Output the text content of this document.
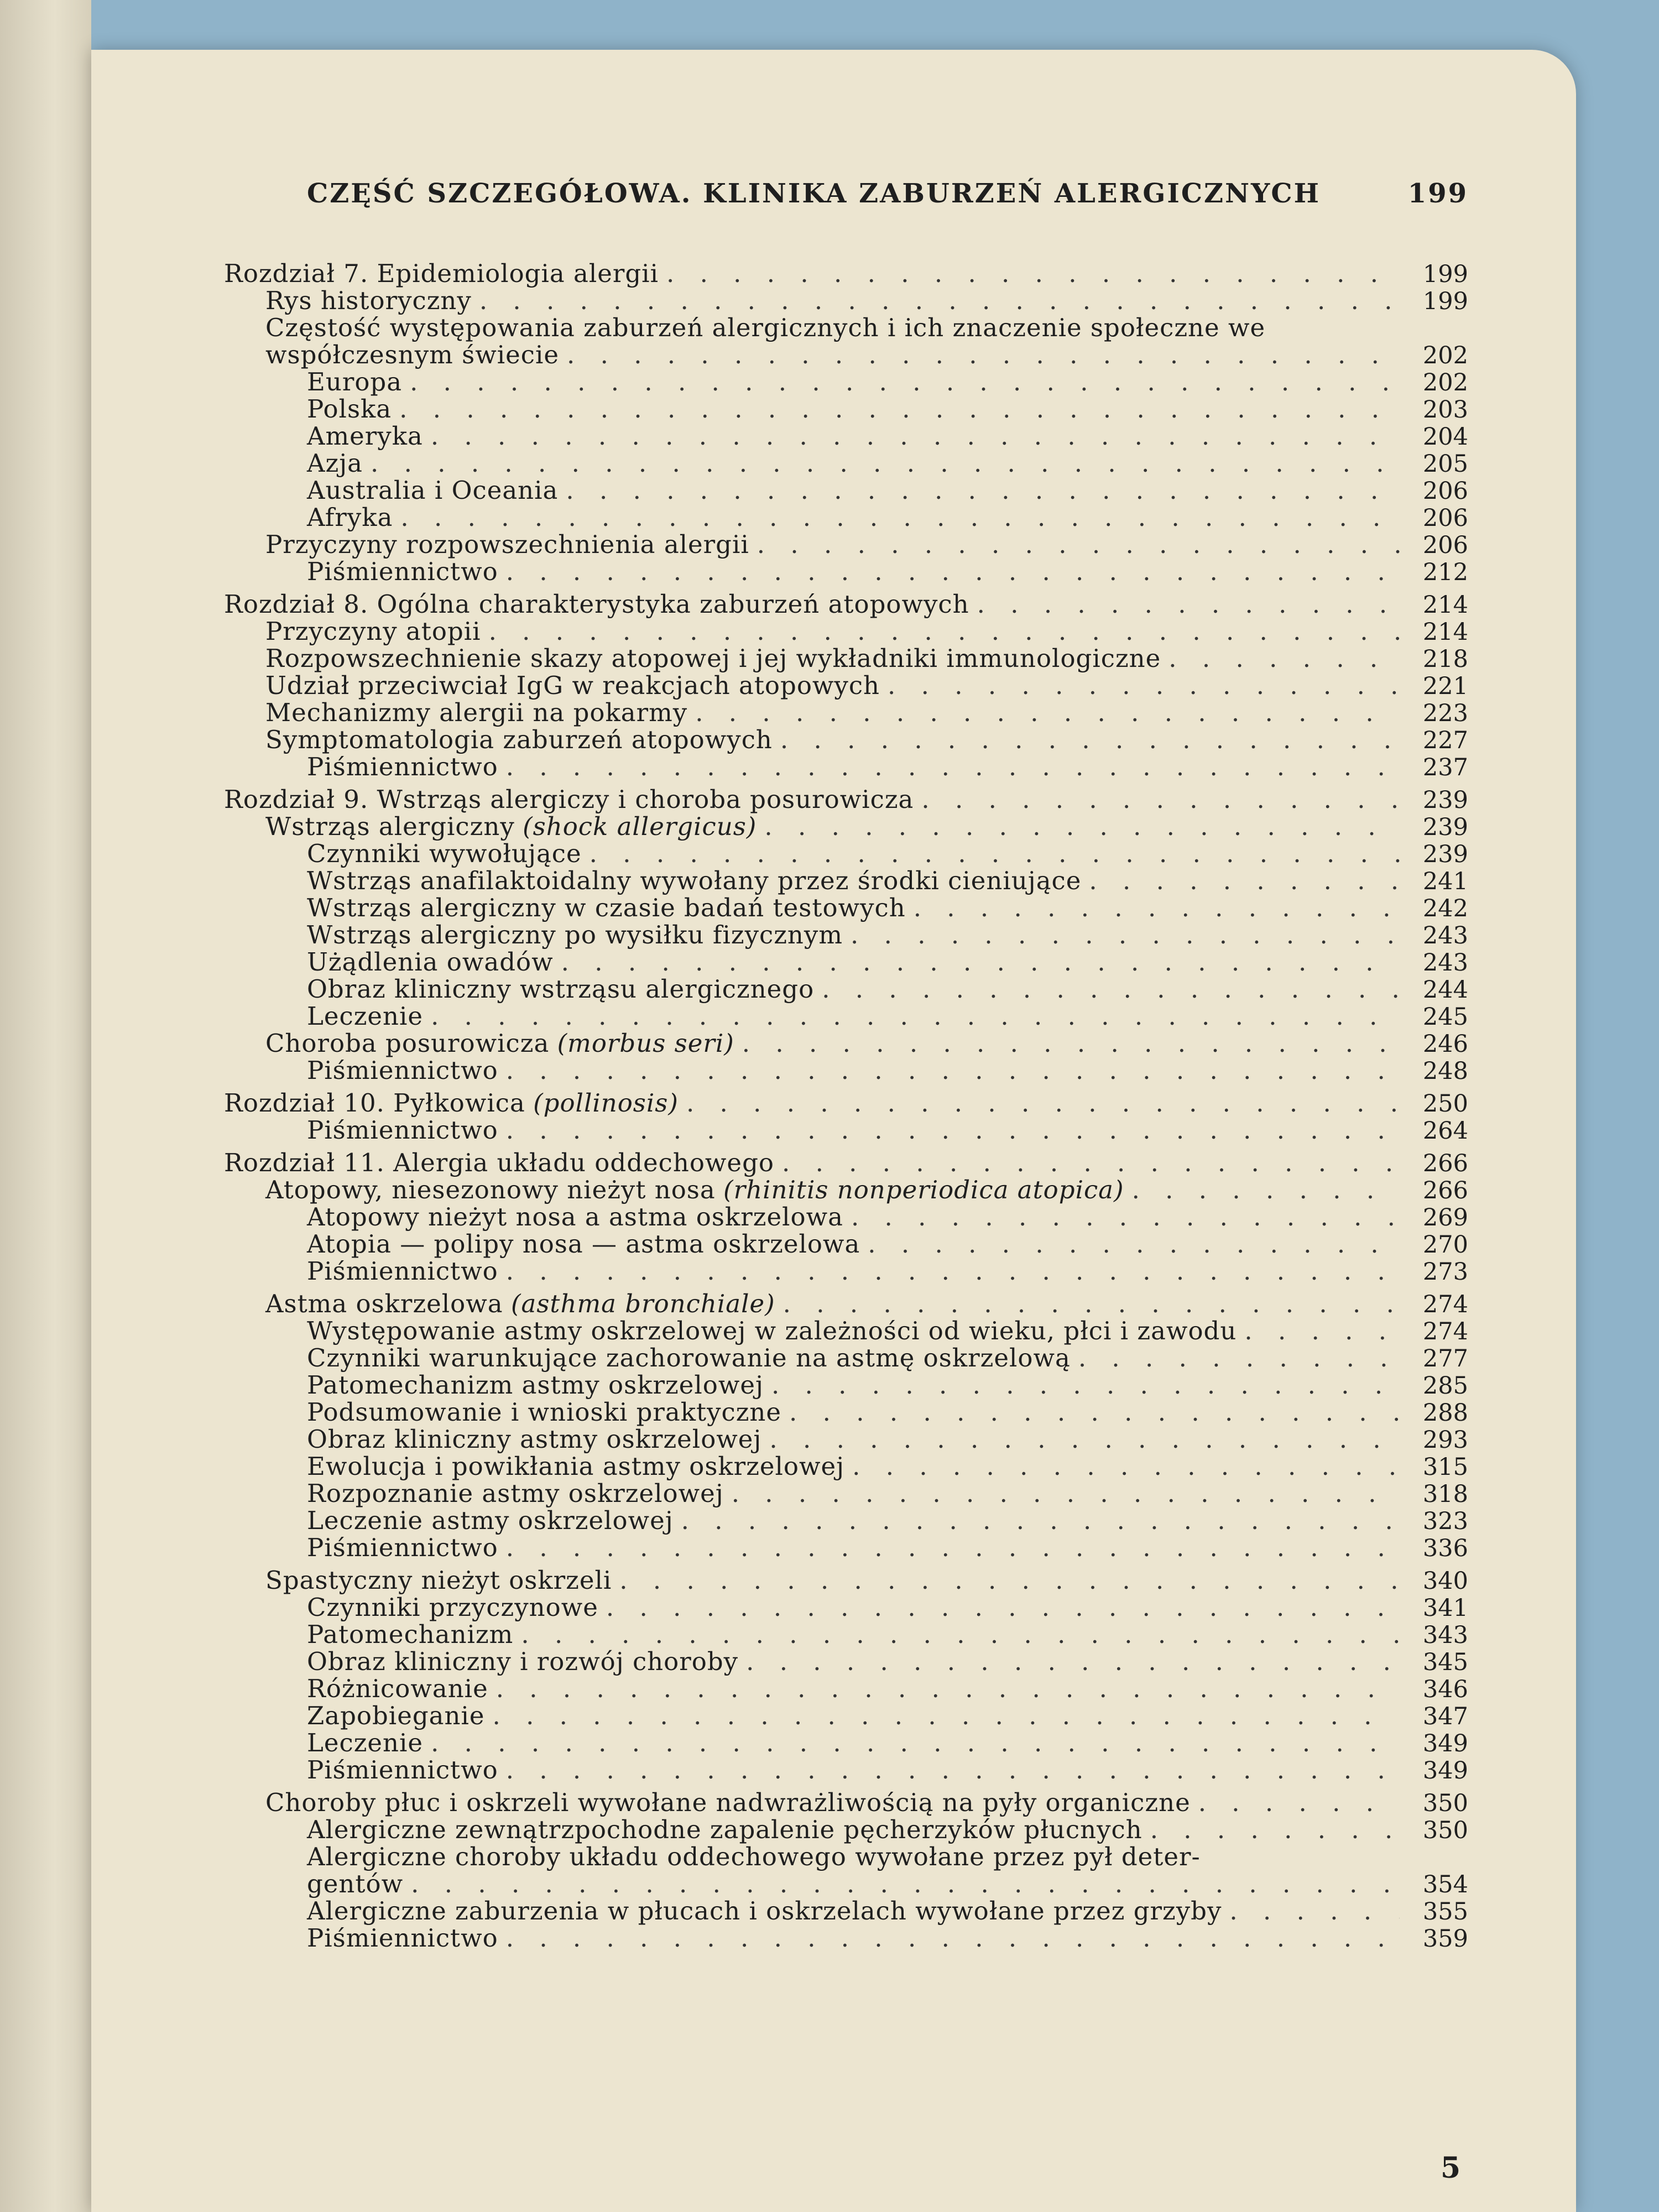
CZĘŚĆ SZCZEGÓŁOWA. KLINIKA ZABURZEŃ ALERGICZNYCH	199
Rozdział 7. Epidemiologia alergii . . .	199
Rys historyczny . . .	199
Częstość występowania zaburzeń alergicznych i ich znaczenie społeczne we
współczesnym świecie . . .	202
Europa . . .	202
Polska . . .	203
Ameryka . . .	204
Azja . . .	205
Australia i Oceania . . .	206
Afryka . . .	206
Przyczyny rozpowszechnienia alergii . . .	206
Piśmiennictwo . . .	212
Rozdział 8. Ogólna charakterystyka zaburzeń atopowych . . .	214
Przyczyny atopii . . .	214
Rozpowszechnienie skazy atopowej i jej wykładniki immunologiczne . . .	218
Udział przeciwciał IgG w reakcjach atopowych . . .	221
Mechanizmy alergii na pokarmy . . .	223
Symptomatologia zaburzeń atopowych . . .	227
Piśmiennictwo . . .	237
Rozdział 9. Wstrząs alergiczy i choroba posurowicza . . .	239
Wstrząs alergiczny
(shock allergicus) . . .	239
Czynniki wywołujące . . .	239
Wstrząs anafilaktoidalny wywołany przez środki cieniujące . . .	241
Wstrząs alergiczny w czasie badań testowych . . .	242
Wstrząs alergiczny po wysiłku fizycznym . . .	243
Użądlenia owadów . . .	243
Obraz kliniczny wstrząsu alergicznego . . .	244
Leczenie . . .	245
Choroba posurowicza
(morbus seri) . . .	246
Piśmiennictwo . . .	248
Rozdział 10. Pyłkowica
(pollinosis) . . .	250
Piśmiennictwo . . .	264
Rozdział 11. Alergia układu oddechowego . . .	266
Atopowy, niesezonowy nieżyt nosa
(rhinitis nonperiodica atopica) . . .	266
Atopowy nieżyt nosa a astma oskrzelowa . . .	269
Atopia — polipy nosa — astma oskrzelowa . . .	270
Piśmiennictwo . . .	273
Astma oskrzelowa
(asthma bronchiale) . . .	274
Występowanie astmy oskrzelowej w zależności od wieku, płci i zawodu . . .	274
Czynniki warunkujące zachorowanie na astmę oskrzelową . . .	277
Patomechanizm astmy oskrzelowej . . .	285
Podsumowanie i wnioski praktyczne . . .	288
Obraz kliniczny astmy oskrzelowej . . .	293
Ewolucja i powikłania astmy oskrzelowej . . .	315
Rozpoznanie astmy oskrzelowej . . .	318
Leczenie astmy oskrzelowej . . .	323
Piśmiennictwo . . .	336
Spastyczny nieżyt oskrzeli . . .	340
Czynniki przyczynowe . . .	341
Patomechanizm . . .	343
Obraz kliniczny i rozwój choroby . . .	345
Różnicowanie . . .	346
Zapobieganie . . .	347
Leczenie . . .	349
Piśmiennictwo . . .	349
Choroby płuc i oskrzeli wywołane nadwrażliwością na pyły organiczne . . .	350
Alergiczne zewnątrzpochodne zapalenie pęcherzyków płucnych . . .	350
Alergiczne choroby układu oddechowego wywołane przez pył deter-
gentów . . .	354
Alergiczne zaburzenia w płucach i oskrzelach wywołane przez grzyby . . .	355
Piśmiennictwo . . .	359
5
